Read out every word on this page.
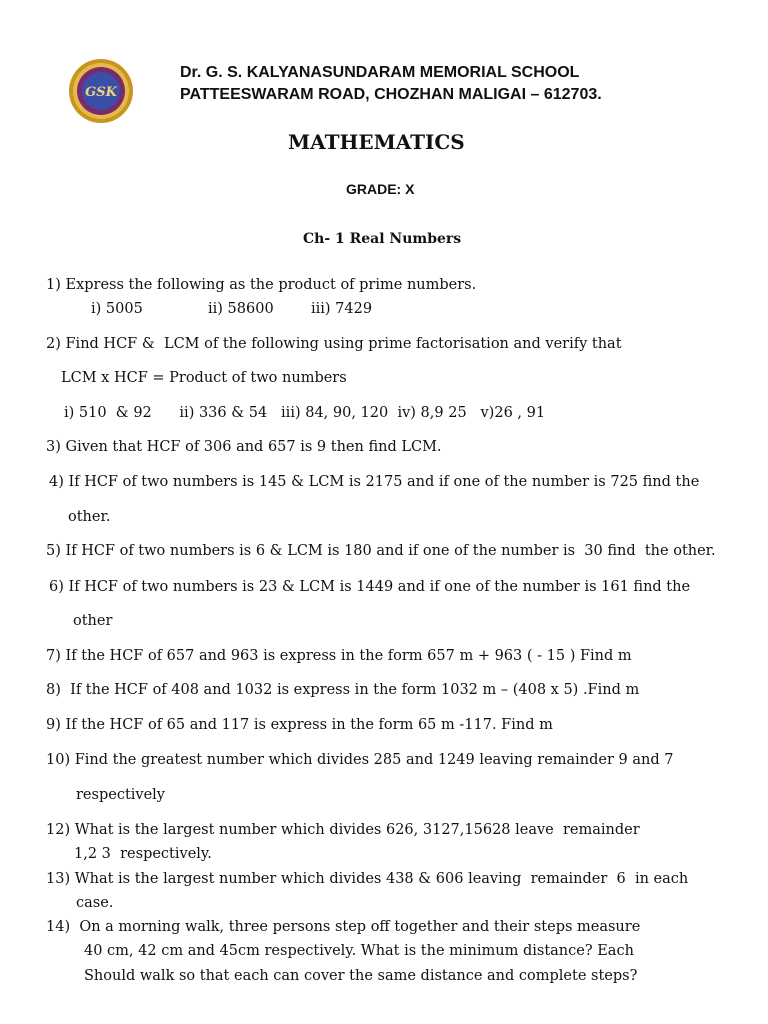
GSK
Dr. G. S. KALYANASUNDARAM MEMORIAL SCHOOL
PATTEESWARAM ROAD, CHOZHAN MALIGAI – 612703.
MATHEMATICS
GRADE: X
Ch- 1 Real Numbers
1) Express the following as the product of prime numbers.
i) 5005	ii) 58600	iii) 7429
2) Find HCF &  LCM of the following using prime factorisation and verify that
LCM x HCF = Product of two numbers
i) 510  & 92      ii) 336 & 54   iii) 84, 90, 120  iv) 8,9 25   v)26 , 91
3) Given that HCF of 306 and 657 is 9 then find LCM.
4) If HCF of two numbers is 145 & LCM is 2175 and if one of the number is 725 find the
other.
5) If HCF of two numbers is 6 & LCM is 180 and if one of the number is  30 find  the other.
6) If HCF of two numbers is 23 & LCM is 1449 and if one of the number is 161 find the
other
7) If the HCF of 657 and 963 is express in the form 657 m + 963 ( - 15 ) Find m
8)  If the HCF of 408 and 1032 is express in the form 1032 m – (408 x 5) .Find m
9) If the HCF of 65 and 117 is express in the form 65 m -117. Find m
10) Find the greatest number which divides 285 and 1249 leaving remainder 9 and 7
respectively
12) What is the largest number which divides 626, 3127,15628 leave  remainder
1,2 3  respectively.
13) What is the largest number which divides 438 & 606 leaving  remainder  6  in each
case.
14)  On a morning walk, three persons step off together and their steps measure
40 cm, 42 cm and 45cm respectively. What is the minimum distance? Each
Should walk so that each can cover the same distance and complete steps?
